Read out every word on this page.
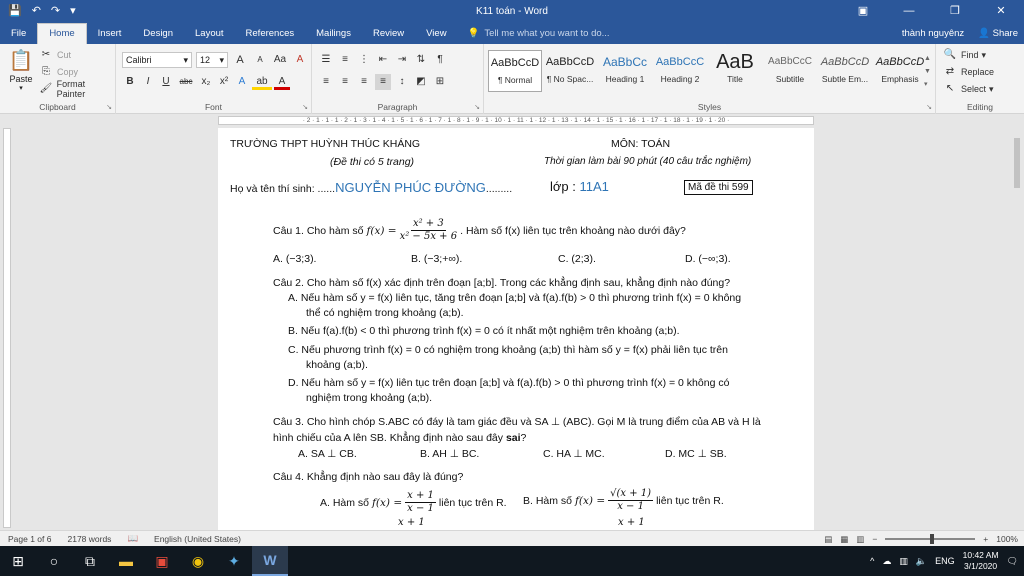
💾 ↶ ↷ ▾	K11 toán - Word	▣	—	❐	✕
File	Home	Insert	Design	Layout	References	Mailings	Review	View	💡 Tell me what you want to do...	thành nguyênz 👤 Share
📋
Paste
▾
✂ Cut
⎘ Copy
🖌 Format Painter
Clipboard	↘
Calibri	▾ 12 ▾	A	A	Aa	A
B	I	U	abc x₂ x²	A	ab	A
Font	↘
☰	≡	⋮ ⇤	⇥	⇅	¶
≡	≡	≡	≡	↕	◩	⊞
Paragraph	↘
AaBbCcD
¶ Normal
AaBbCcD
¶ No Spac...
AaBbCc
Heading 1
AaBbCcC
Heading 2
AaB
Title
AaBbCcC
Subtitle
AaBbCcD
Subtle Em...
AaBbCcD
Emphasis
▲
▼
▾
Styles	↘
🔍 Find ▾
⇄ Replace
↖ Select ▾
Editing
· 2 · 1 · 1 · 1 · 2 · 1 · 3 · 1 · 4 · 1 · 5 · 1 · 6 · 1 · 7 · 1 · 8 · 1 · 9 · 1 · 10 · 1 · 11 · 1 · 12 · 1 · 13 · 1 · 14 · 1 · 15 · 1 · 16 · 1 · 17 · 1 · 18 · 1 · 19 · 1 · 20 ·
TRƯỜNG THPT HUỲNH THÚC KHÁNG	MÔN: TOÁN
(Đề thi có 5 trang)	Thời gian làm bài 90 phút (40 câu trắc nghiệm)
Họ và tên thí sinh: ...... NGUYỄN PHÚC ĐƯỜNG .........	lớp : 11A1	Mã đề thi 599
Câu 1. Cho hàm số $f(x) = \frac{\text{x² + 3}}{\text{x² − 5x + 6}}$ . Hàm số f(x) liên tục trên khoảng nào dưới đây?
A. (−3;3).	B. (−3;+∞).	C. (2;3).	D. (−∞;3).
Câu 2. Cho hàm số f(x) xác định trên đoạn [a;b]. Trong các khẳng định sau, khẳng định nào đúng?
A. Nếu hàm số y = f(x) liên tục, tăng trên đoạn [a;b] và f(a).f(b) > 0 thì phương trình f(x) = 0 không
thể có nghiệm trong khoảng (a;b).
B. Nếu f(a).f(b) < 0 thì phương trình f(x) = 0 có ít nhất một nghiệm trên khoảng (a;b).
C. Nếu phương trình f(x) = 0 có nghiệm trong khoảng (a;b) thì hàm số y = f(x) phải liên tục trên
khoảng (a;b).
D. Nếu hàm số y = f(x) liên tục trên đoạn [a;b] và f(a).f(b) > 0 thì phương trình f(x) = 0 không có
nghiệm trong khoảng (a;b).
Câu 3. Cho hình chóp S.ABC có đáy là tam giác đều và SA ⊥ (ABC). Gọi M là trung điểm của AB và H là
hình chiếu của A lên SB. Khẳng định nào sau đây sai?
A. SA ⊥ CB.	B. AH ⊥ BC.	C. HA ⊥ MC.	D. MC ⊥ SB.
Câu 4. Khẳng định nào sau đây là đúng?
A. Hàm số $f(x) = \frac{x + 1}{x - 1}$ liên tục trên R. B. Hàm số $f(x) = \frac{√(x + 1)}{x - 1}$ liên tục trên R.
x + 1	x + 1
Page 1 of 6	2178 words	📖	English (United States)	▤ ▦ ▥ −	+ 100%
⊞	○	⧉	▬	▣	◉	✦	W	^ ☁ ▥ 🔈 ENG
10:42 AM
3/1/2020
🗨
